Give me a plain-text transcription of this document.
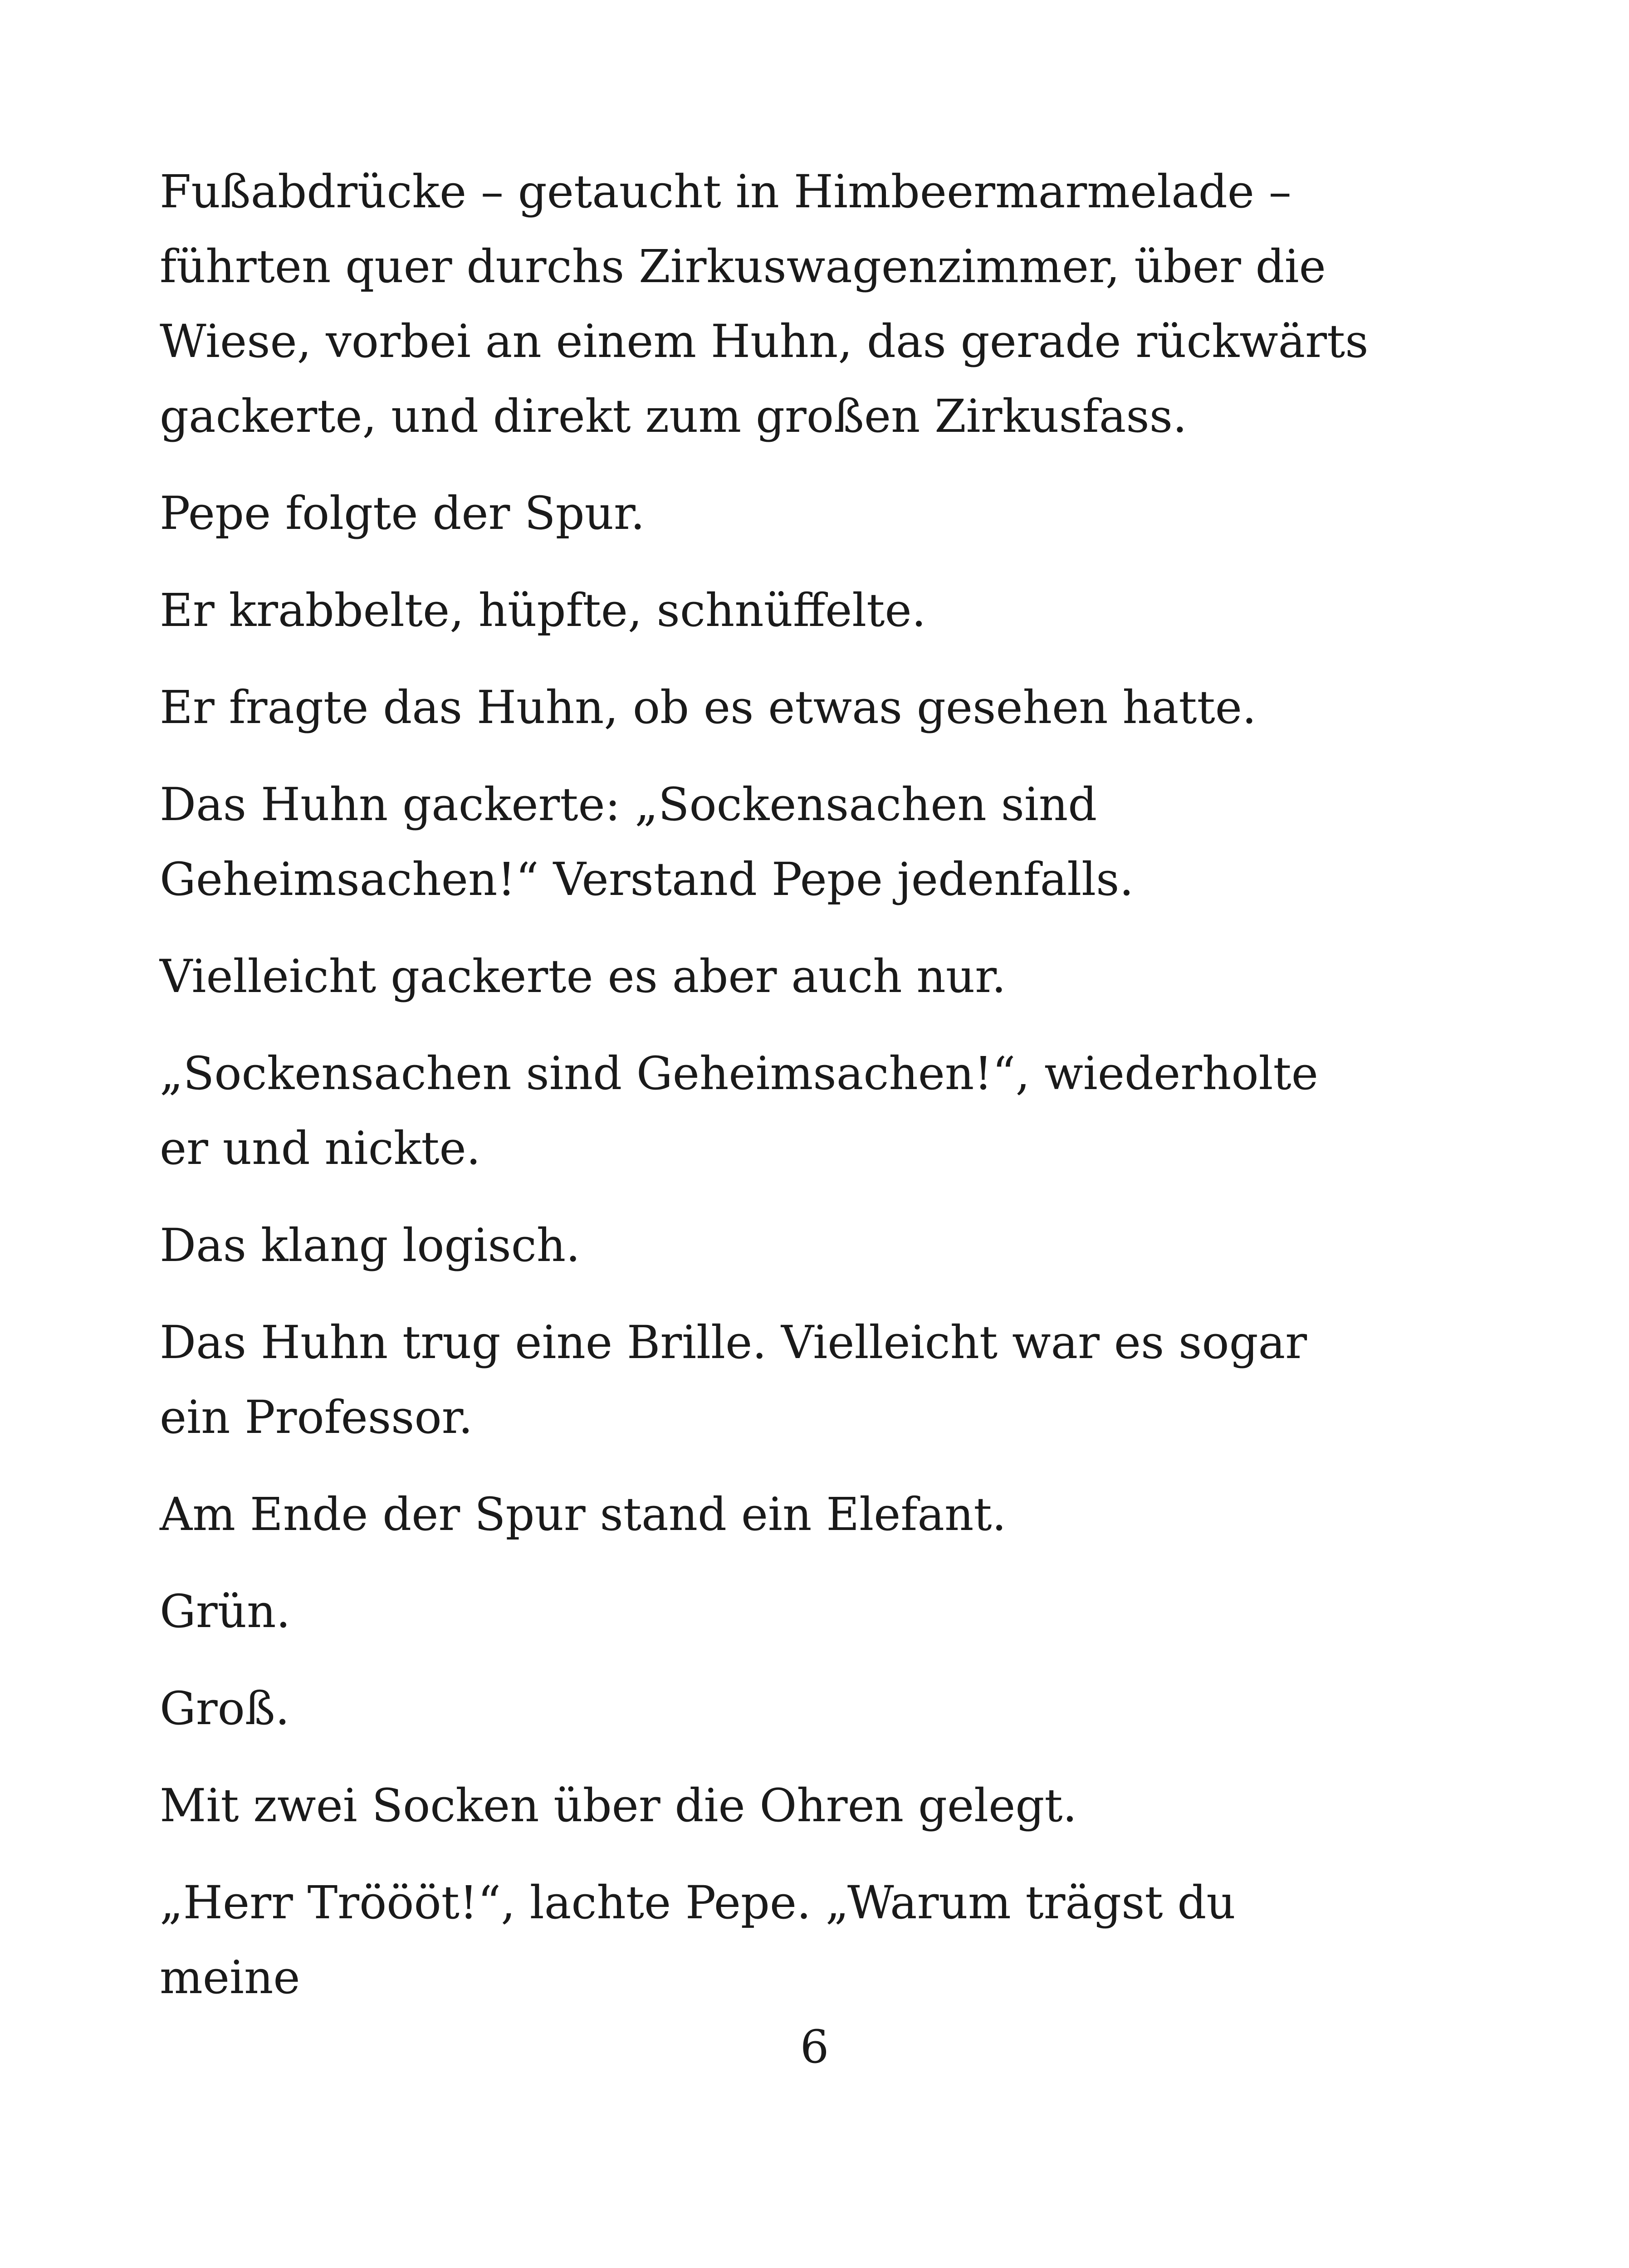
Fußabdrücke – getaucht in Himbeermarmelade – führten quer durchs Zirkuswagenzimmer, über die Wiese, vorbei an einem Huhn, das gerade rückwärts gackerte, und direkt zum großen Zirkusfass.

Pepe folgte der Spur.

Er krabbelte, hüpfte, schnüffelte.

Er fragte das Huhn, ob es etwas gesehen hatte.

Das Huhn gackerte: „Sockensachen sind Geheimsachen!“ Verstand Pepe jedenfalls.

Vielleicht gackerte es aber auch nur.

„Sockensachen sind Geheimsachen!“, wiederholte er und nickte.

Das klang logisch.

Das Huhn trug eine Brille. Vielleicht war es sogar ein Professor.

Am Ende der Spur stand ein Elefant.

Grün.

Groß.

Mit zwei Socken über die Ohren gelegt.

„Herr Tröööt!“, lachte Pepe. „Warum trägst du meine

6
